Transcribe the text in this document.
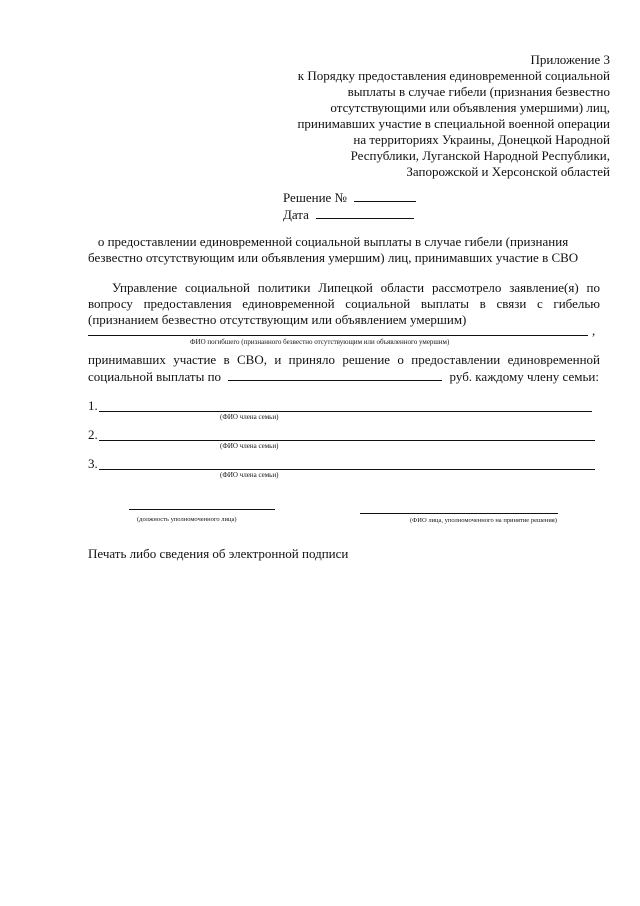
Приложение 3
к Порядку предоставления единовременной социальной
выплаты в случае гибели (признания безвестно
отсутствующими или объявления умершими) лиц,
принимавших участие в специальной военной операции
на территориях Украины, Донецкой Народной
Республики, Луганской Народной Республики,
Запорожской и Херсонской областей
Решение №
Дата
о предоставлении единовременной социальной выплаты в случае гибели (признания
безвестно отсутствующим или объявления умершим) лиц, принимавших участие в СВО
Управление социальной политики Липецкой области рассмотрело заявление(я) по
вопросу предоставления единовременной социальной выплаты в связи с гибелью
(признанием безвестно отсутствующим или объявлением умершим)
,
ФИО погибшего (признанного безвестно отсутствующим или объявленного умершим)
принимавших участие в СВО, и приняло решение о предоставлении единовременной
социальной выплаты по	руб. каждому члену семьи:
1.
(ФИО члена семьи)
2.
(ФИО члена семьи)
3.
(ФИО члена семьи)
(должность уполномоченного лица)	(ФИО лица, уполномоченного на принятие решения)
Печать либо сведения об электронной подписи
